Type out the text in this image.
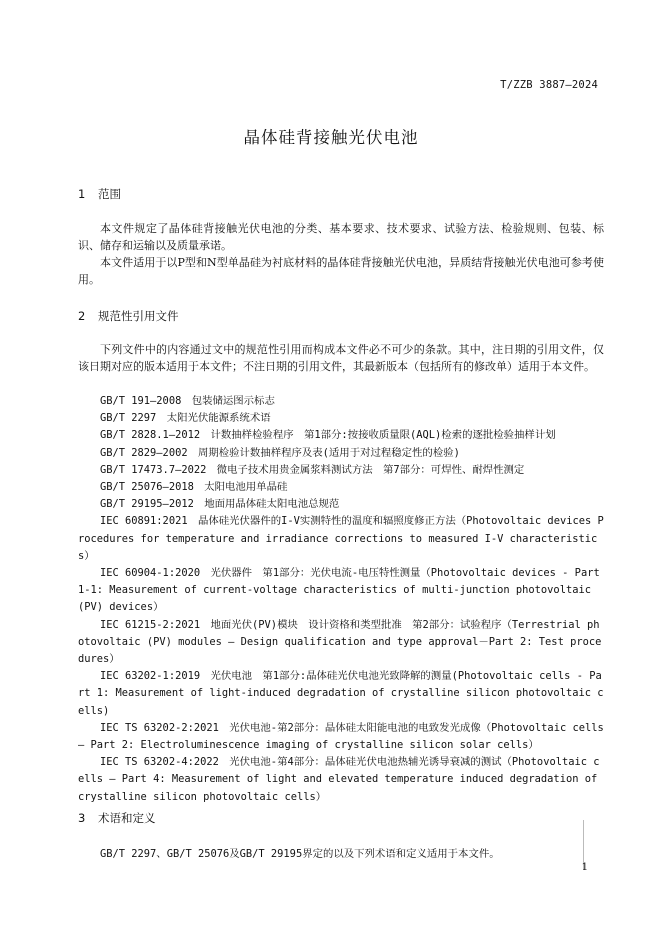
T/ZZB 3887—2024
晶体硅背接触光伏电池
1 范围

本文件规定了晶体硅背接触光伏电池的分类、基本要求、技术要求、试验方法、检验规则、包装、标识、储存和运输以及质量承诺。

本文件适用于以P型和N型单晶硅为衬底材料的晶体硅背接触光伏电池，异质结背接触光伏电池可参考使用。

2 规范性引用文件

下列文件中的内容通过文中的规范性引用而构成本文件必不可少的条款。其中，注日期的引用文件，仅该日期对应的版本适用于本文件；不注日期的引用文件，其最新版本（包括所有的修改单）适用于本文件。

GB/T 191—2008　包装储运图示标志

GB/T 2297　太阳光伏能源系统术语

GB/T 2828.1—2012　计数抽样检验程序　第1部分:按接收质量限(AQL)检索的逐批检验抽样计划

GB/T 2829—2002　周期检验计数抽样程序及表(适用于对过程稳定性的检验)

GB/T 17473.7—2022　微电子技术用贵金属浆料测试方法　第7部分：可焊性、耐焊性测定

GB/T 25076—2018　太阳电池用单晶硅

GB/T 29195—2012　地面用晶体硅太阳电池总规范

IEC 60891:2021　晶体硅光伏器件的I-V实测特性的温度和辐照度修正方法（Photovoltaic devices Procedures for temperature and irradiance corrections to measured I-V characteristics）

IEC 60904-1:2020　光伏器件　第1部分：光伏电流-电压特性测量（Photovoltaic devices - Part 1-1: Measurement of current-voltage characteristics of multi-junction photovoltaic (PV) devices）

IEC 61215-2:2021　地面光伏(PV)模块　设计资格和类型批准　第2部分：试验程序（Terrestrial photovoltaic (PV) modules – Design qualification and type approval－Part 2: Test procedures）

IEC 63202-1:2019　光伏电池　第1部分:晶体硅光伏电池光致降解的测量(Photovoltaic cells - Part 1: Measurement of light-induced degradation of crystalline silicon photovoltaic cells)

IEC TS 63202-2:2021　光伏电池-第2部分：晶体硅太阳能电池的电致发光成像（Photovoltaic cells – Part 2: Electroluminescence imaging of crystalline silicon solar cells）

IEC TS 63202-4:2022　光伏电池-第4部分：晶体硅光伏电池热辅光诱导衰减的测试（Photovoltaic cells – Part 4: Measurement of light and elevated temperature induced degradation of crystalline silicon photovoltaic cells）

3 术语和定义

GB/T 2297、GB/T 25076及GB/T 29195界定的以及下列术语和定义适用于本文件。

1
